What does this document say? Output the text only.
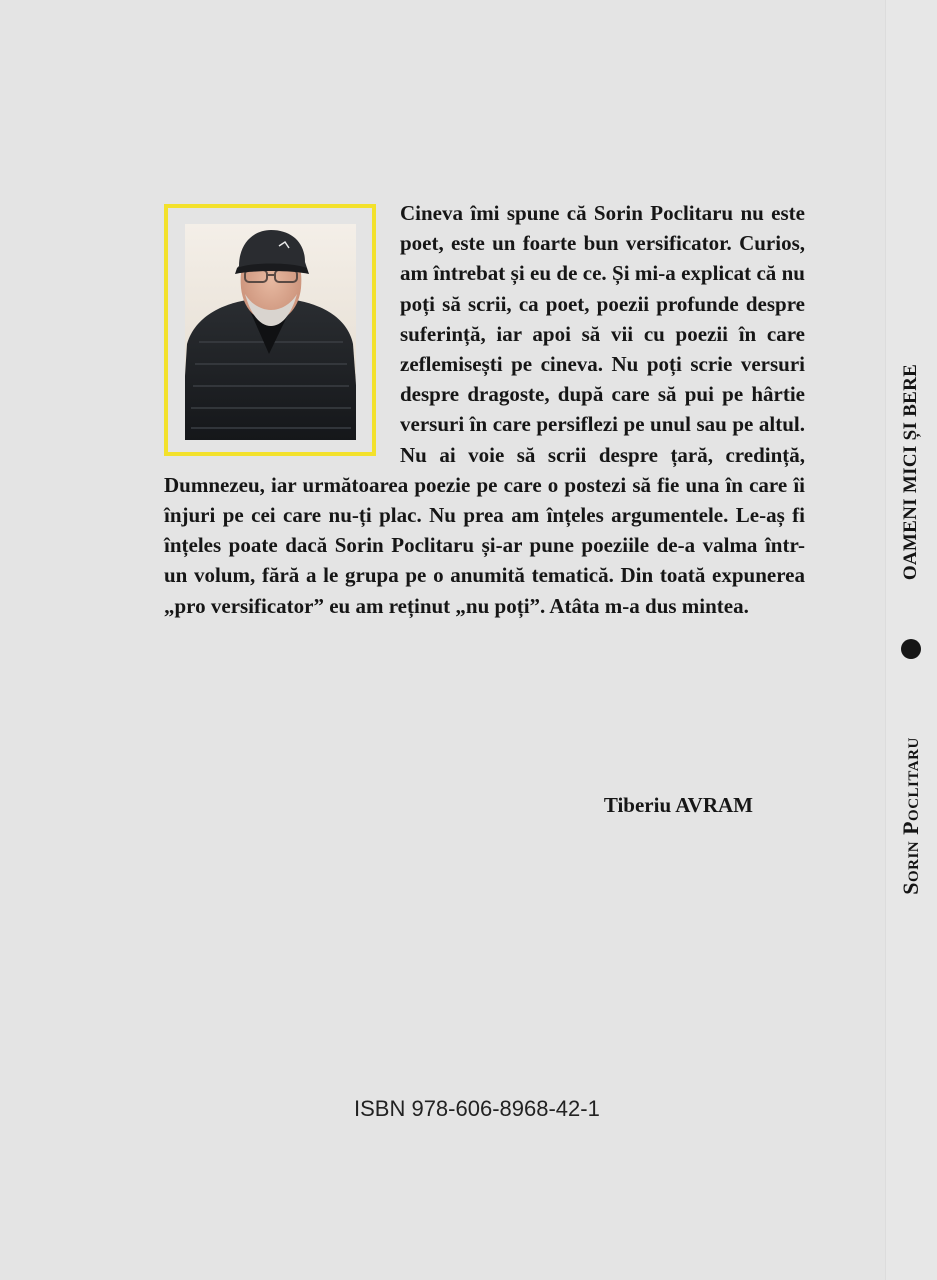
Cineva îmi spune că Sorin Poclitaru nu este poet, este un foarte bun versificator. Curios, am întrebat și eu de ce. Și mi-a explicat că nu poți să scrii, ca poet, poezii profunde despre suferință, iar apoi să vii cu poezii în care zeflemisești pe cineva. Nu poți scrie versuri despre dragoste, după care să pui pe hârtie versuri în care persiflezi pe unul sau pe altul. Nu ai voie să scrii despre țară, credință, Dumnezeu, iar următoarea poezie pe care o postezi să fie una în care îi înjuri pe cei care nu-ți plac. Nu prea am înțeles argumentele. Le-aș fi înțeles poate dacă Sorin Poclitaru și-ar pune poeziile de-a valma într-un volum, fără a le grupa pe o anumită tematică. Din toată expunerea „pro versificator” eu am reținut „nu poți”. Atâta m-a dus mintea.

Tiberiu AVRAM

ISBN 978-606-8968-42-1

OAMENI MICI ȘI BERE
Sorin Poclitaru
